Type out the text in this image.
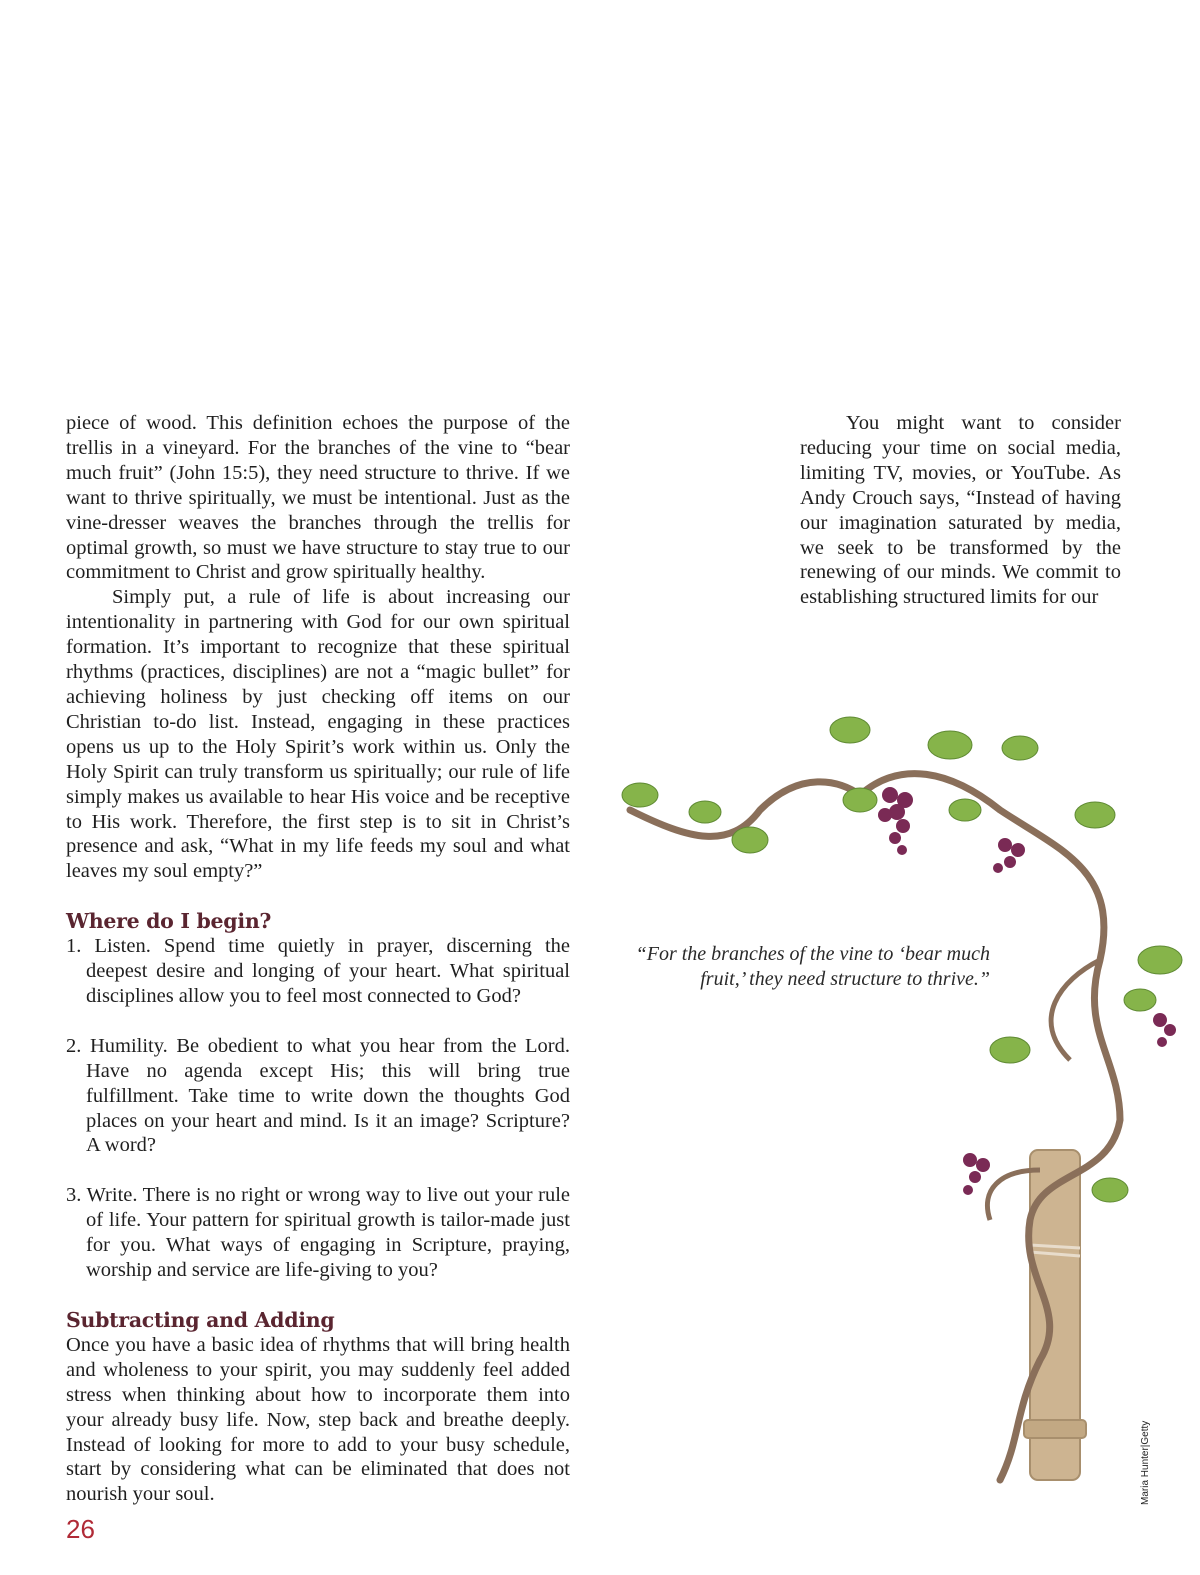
piece of wood. This definition echoes the purpose of the trellis in a vineyard. For the branches of the vine to “bear much fruit” (John 15:5), they need structure to thrive. If we want to thrive spiritually, we must be intentional. Just as the vine-dresser weaves the branches through the trellis for optimal growth, so must we have structure to stay true to our commitment to Christ and grow spiritually healthy.

Simply put, a rule of life is about increasing our intentionality in partnering with God for our own spiritual formation. It’s important to recognize that these spiritual rhythms (practices, disciplines) are not a “magic bullet” for achieving holiness by just checking off items on our Christian to-do list. Instead, engaging in these practices opens us up to the Holy Spirit’s work within us. Only the Holy Spirit can truly transform us spiritually; our rule of life simply makes us available to hear His voice and be receptive to His work. Therefore, the first step is to sit in Christ’s presence and ask, “What in my life feeds my soul and what leaves my soul empty?”

Where do I begin?
1. Listen. Spend time quietly in prayer, discerning the deepest desire and longing of your heart. What spiritual disciplines allow you to feel most connected to God?
2. Humility. Be obedient to what you hear from the Lord. Have no agenda except His; this will bring true fulfillment. Take time to write down the thoughts God places on your heart and mind. Is it an image? Scripture? A word?
3. Write. There is no right or wrong way to live out your rule of life. Your pattern for spiritual growth is tailor-made just for you. What ways of engaging in Scripture, praying, worship and service are life-giving to you?
Subtracting and Adding

Once you have a basic idea of rhythms that will bring health and wholeness to your spirit, you may suddenly feel added stress when thinking about how to incorporate them into your already busy life. Now, step back and breathe deeply. Instead of looking for more to add to your busy schedule, start by considering what can be eliminated that does not nourish your soul.

You might want to consider reducing your time on social media, limiting TV, movies, or YouTube. As Andy Crouch says, “Instead of having our imagination saturated by media, we seek to be transformed by the renewing of our minds. We commit to establishing structured limits for our

“For the branches of the vine to ‘bear much fruit,’ they need structure to thrive.”
26
Maria Hunter|Getty
